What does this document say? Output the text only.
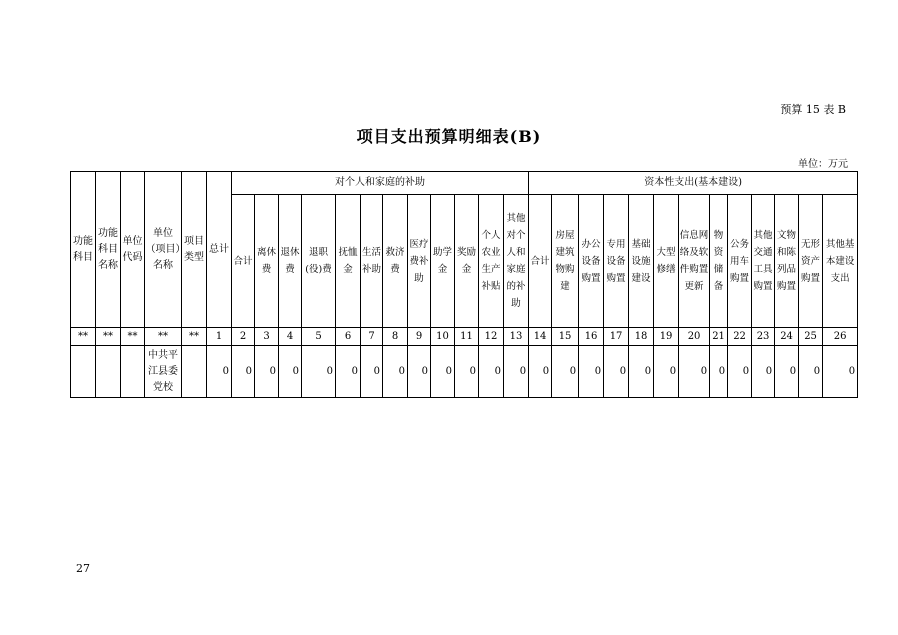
预算 15 表 B
项目支出预算明细表(B)
单位：万元
功能科目	功能科目名称	单位代码	单位（项目）名称	项目类型	总计	对个人和家庭的补助												资本性支出(基本建设)												
						合计	离休费	退休费	退职(役)费	抚恤金	生活补助	救济费	医疗费补助	助学金	奖励金	个人农业生产补贴	其他对个人和家庭的补助	合计	房屋建筑物购建	办公设备购置	专用设备购置	基础设施建设	大型修缮	信息网络及软件购置更新	物资储备	公务用车购置	其他交通工具购置	文物和陈列品购置	无形资产购置	其他基本建设支出
**	**	**	**	**	1	2	3	4	5	6	7	8	9	10	11	12	13	14	15	16	17	18	19	20	21	22	23	24	25	26
			中共平江县委党校		0	0	0	0	0	0	0	0	0	0	0	0	0	0	0	0	0	0	0	0	0	0	0	0	0	0
27
